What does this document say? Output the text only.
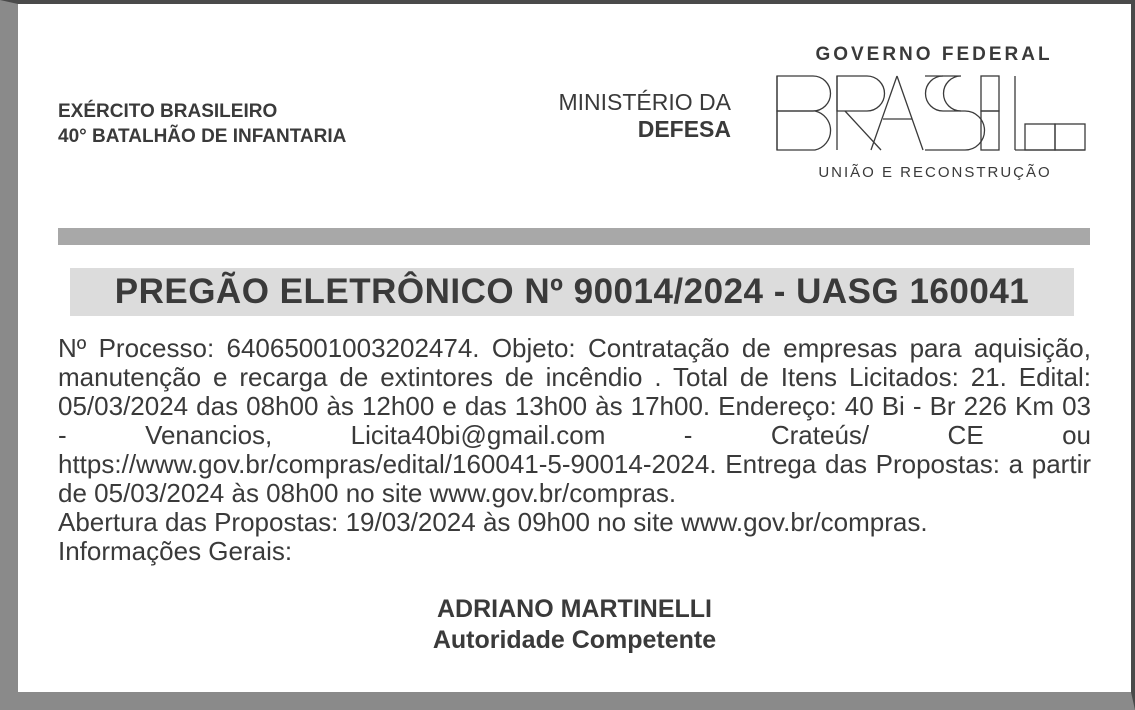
EXÉRCITO BRASILEIRO
40° BATALHÃO DE INFANTARIA
MINISTÉRIO DA
DEFESA
GOVERNO FEDERAL
UNIÃO E RECONSTRUÇÃO
PREGÃO ELETRÔNICO Nº 90014/2024 - UASG 160041

Nº Processo: 64065001003202474. Objeto: Contratação de empresas para aquisição, manutenção e recarga de extintores de incêndio . Total de Itens Licitados: 21. Edital: 05/03/2024 das 08h00 às 12h00 e das 13h00 às 17h00. Endereço: 40 Bi - Br 226 Km 03 - Venancios, Licita40bi@gmail.com - Crateús/ CE ou https://www.gov.br/compras/edital/160041-5-90014-2024. Entrega das Propostas: a partir de 05/03/2024 às 08h00 no site www.gov.br/compras.

Abertura das Propostas: 19/03/2024 às 09h00 no site www.gov.br/compras.

Informações Gerais:

ADRIANO MARTINELLI
Autoridade Competente
